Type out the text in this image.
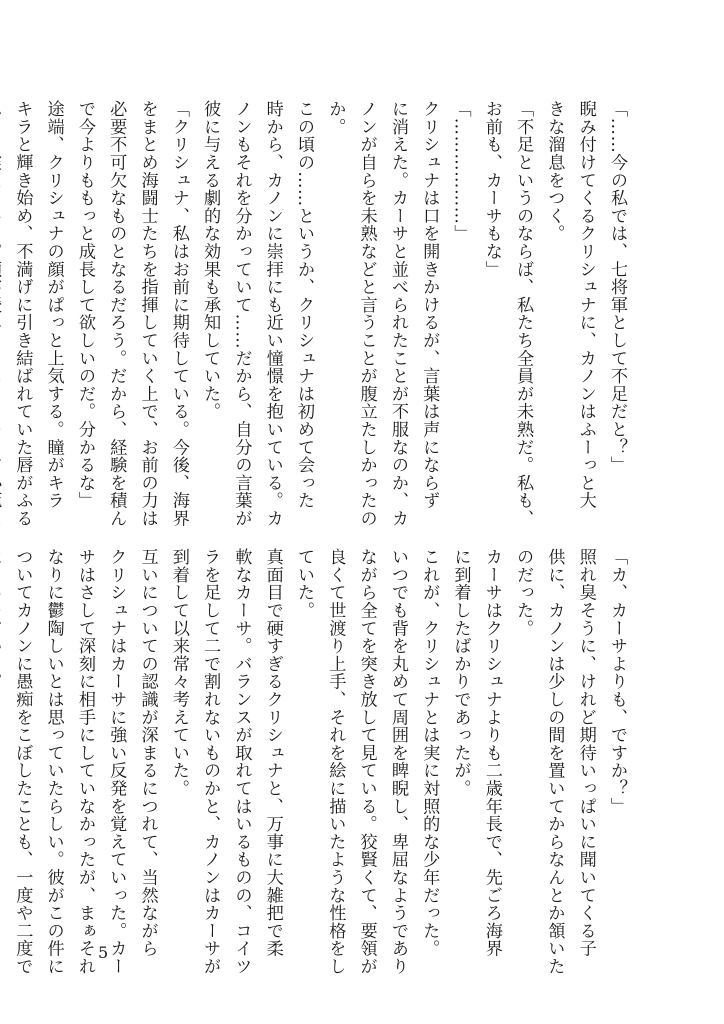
「……今の私では、七将軍として不足だと？」
睨み付けてくるクリシュナに、カノンはふーっと大
きな溜息をつく。
「不足というのならば、私たち全員が未熟だ。私も、
お前も、カーサもな」
「………………」
クリシュナは口を開きかけるが、言葉は声にならず
に消えた。カーサと並べられたことが不服なのか、カ
ノンが自らを未熟などと言うことが腹立たしかったの
か。
この頃の……というか、クリシュナは初めて会った
時から、カノンに崇拝にも近い憧憬を抱いている。カ
ノンもそれを分かっていて……だから、自分の言葉が
彼に与える劇的な効果も承知していた。
「クリシュナ、私はお前に期待している。今後、海界
をまとめ海闘士たちを指揮していく上で、お前の力は
必要不可欠なものとなるだろう。だから、経験を積ん
で今よりももっと成長して欲しいのだ。分かるな」
途端、クリシュナの顔がぱっと上気する。瞳がキラ
キラと輝き始め、不満げに引き結ばれていた唇がふる
「カ、カーサよりも、ですか？」
照れ臭そうに、けれど期待いっぱいに聞いてくる子
供に、カノンは少しの間を置いてからなんとか頷いた
のだった。
カーサはクリシュナよりも二歳年長で、先ごろ海界
に到着したばかりであったが。
これが、クリシュナとは実に対照的な少年だった。
いつでも背を丸めて周囲を睥睨し、卑屈なようであり
ながら全てを突き放して見ている。狡賢くて、要領が
良くて世渡り上手、それを絵に描いたような性格をし
ていた。
真面目で硬すぎるクリシュナと、万事に大雑把で柔
軟なカーサ。バランスが取れてはいるものの、コイツ
ラを足して二で割れないものかと、カノンはカーサが
到着して以来常々考えていた。
互いについての認識が深まるにつれて、当然ながら
クリシュナはカーサに強い反発を覚えていった。カー
サはさして深刻に相手にしていなかったが、まぁそれ
なりに鬱陶しいとは思っていたらしい。彼がこの件に
ついてカノンに愚痴をこぼしたことも、一度や二度で	5
